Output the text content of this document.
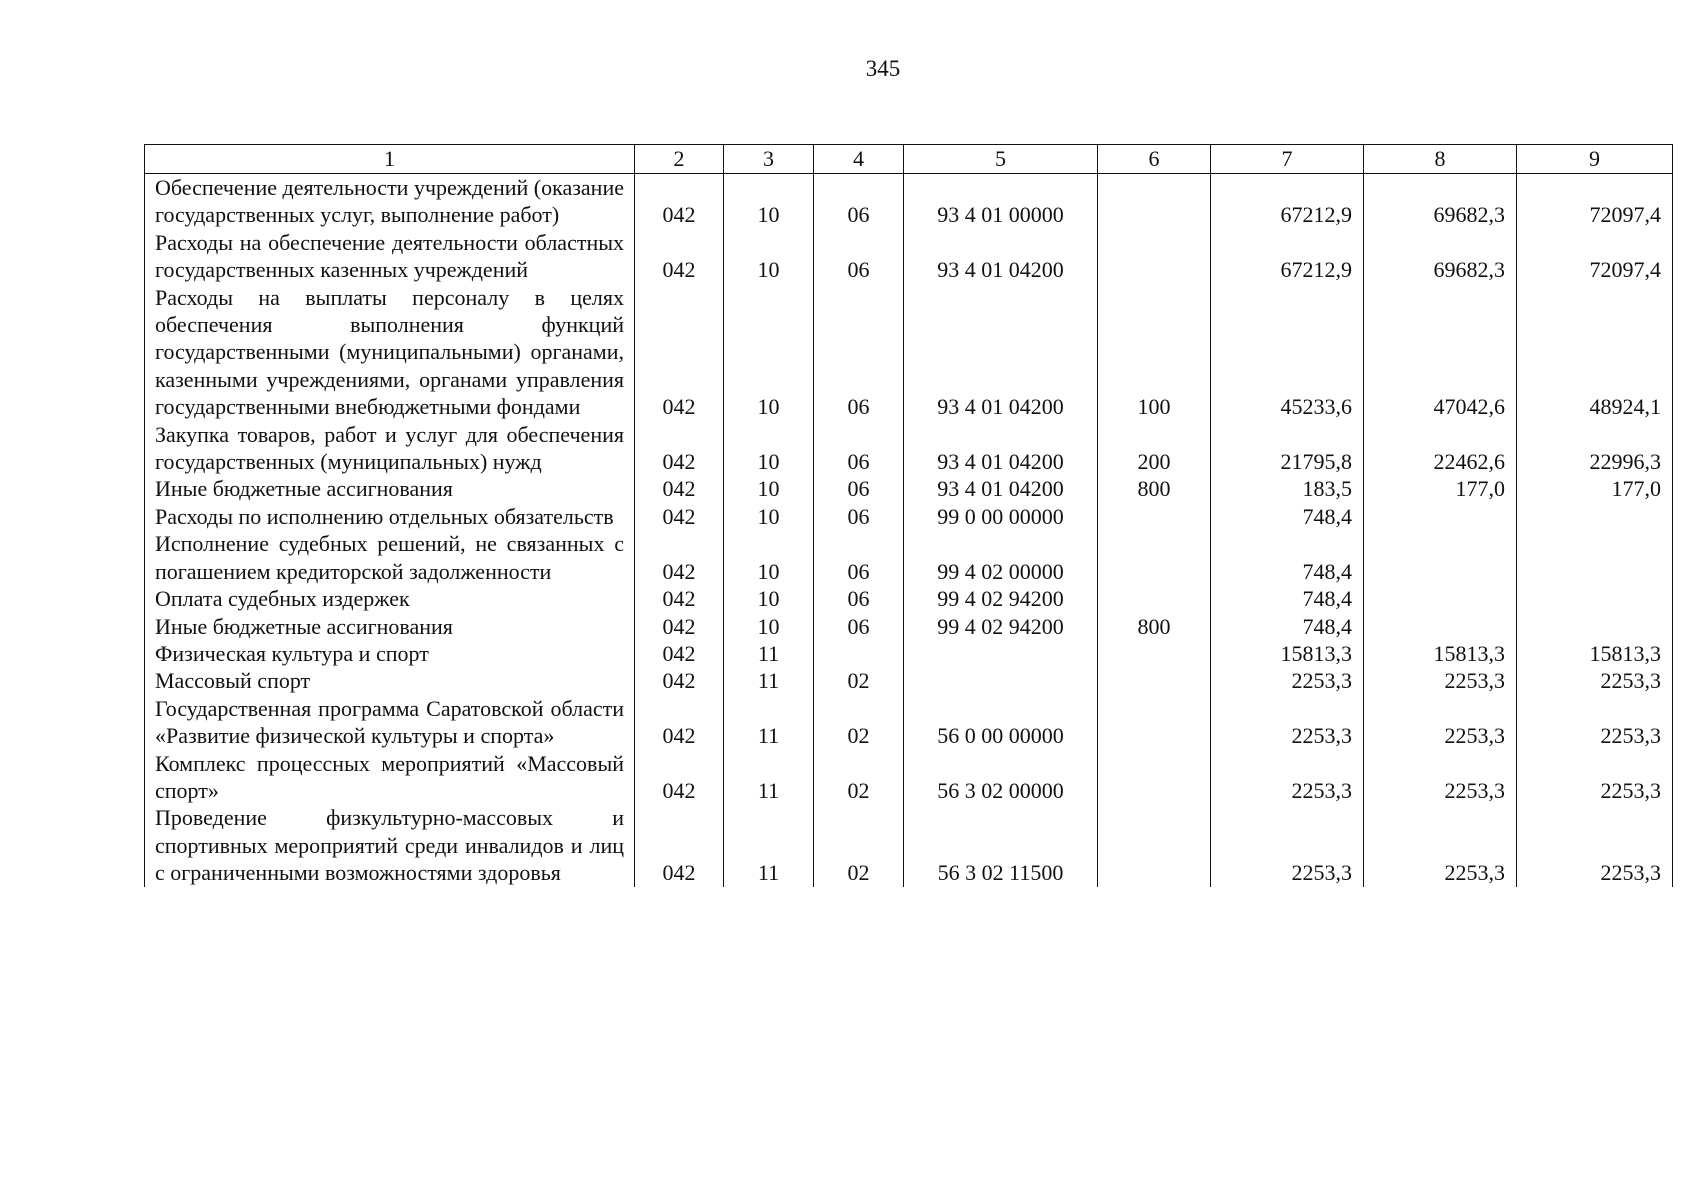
345
1	2	3	4	5	6	7	8	9
Обеспечение деятельности учреждений (оказание государственных услуг, выполнение работ)	042	10	06	93 4 01 00000		67212,9	69682,3	72097,4
Расходы на обеспечение деятельности областных государственных казенных учреждений	042	10	06	93 4 01 04200		67212,9	69682,3	72097,4
Расходы на выплаты персоналу в целях обеспечения выполнения функций государственными (муниципальными) органами, казенными учреждениями, органами управления государственными внебюджетными фондами	042	10	06	93 4 01 04200	100	45233,6	47042,6	48924,1
Закупка товаров, работ и услуг для обеспечения государственных (муниципальных) нужд	042	10	06	93 4 01 04200	200	21795,8	22462,6	22996,3
Иные бюджетные ассигнования	042	10	06	93 4 01 04200	800	183,5	177,0	177,0
Расходы по исполнению отдельных обязательств	042	10	06	99 0 00 00000		748,4		
Исполнение судебных решений, не связанных с погашением кредиторской задолженности	042	10	06	99 4 02 00000		748,4		
Оплата судебных издержек	042	10	06	99 4 02 94200		748,4		
Иные бюджетные ассигнования	042	10	06	99 4 02 94200	800	748,4		
Физическая культура и спорт	042	11				15813,3	15813,3	15813,3
Массовый спорт	042	11	02			2253,3	2253,3	2253,3
Государственная программа Саратовской области «Развитие физической культуры и спорта»	042	11	02	56 0 00 00000		2253,3	2253,3	2253,3
Комплекс процессных мероприятий «Массовый спорт»	042	11	02	56 3 02 00000		2253,3	2253,3	2253,3
Проведение физкультурно-массовых и спортивных мероприятий среди инвалидов и лиц с ограниченными возможностями здоровья	042	11	02	56 3 02 11500		2253,3	2253,3	2253,3
